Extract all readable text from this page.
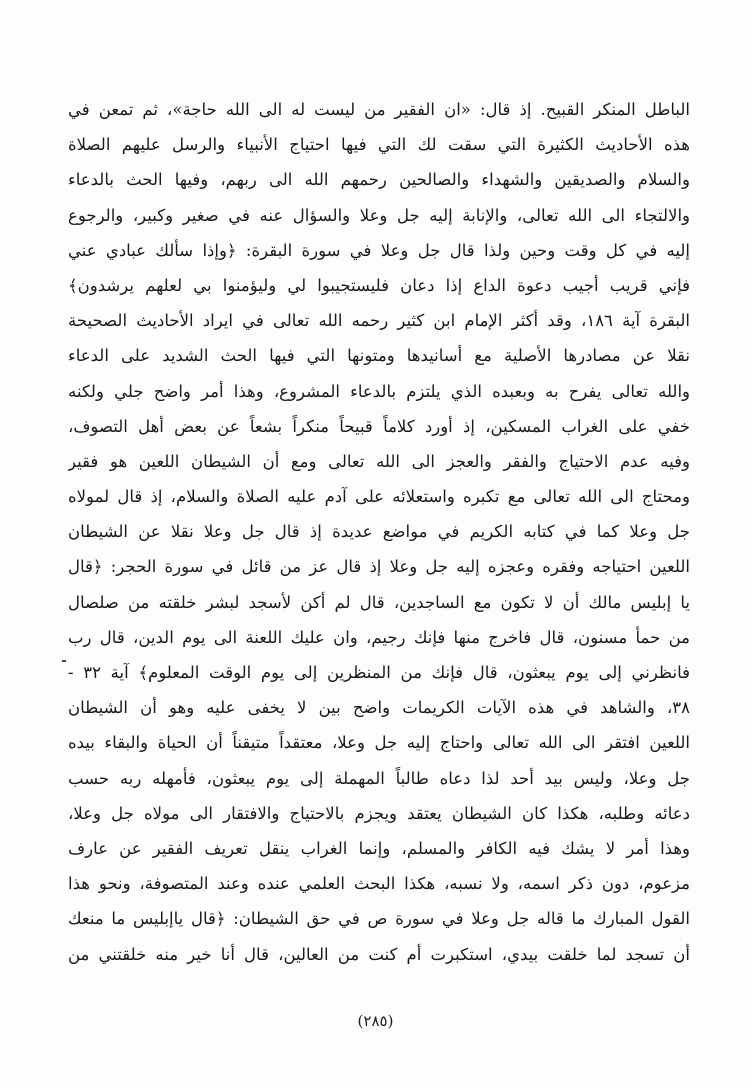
الباطل المنكر القبيح. إذ قال: «ان الفقير من ليست له الى الله حاجة»، ثم تمعن في
هذه الأحاديث الكثيرة التي سقت لك التي فيها احتياج الأنبياء والرسل عليهم الصلاة
والسلام والصديقين والشهداء والصالحين رحمهم الله الى ربهم، وفيها الحث بالدعاء
والالتجاء الى الله تعالى، والإنابة إليه جل وعلا والسؤال عنه في صغير وكبير، والرجوع
إليه في كل وقت وحين ولذا قال جل وعلا في سورة البقرة: ﴿وإذا سألك عبادي عني
فإني قريب أجيب دعوة الداع إذا دعان فليستجيبوا لي وليؤمنوا بي لعلهم يرشدون﴾
البقرة آية ١٨٦، وقد أكثر الإمام ابن كثير رحمه الله تعالى في ايراد الأحاديث الصحيحة
نقلا عن مصادرها الأصلية مع أسانيدها ومتونها التي فيها الحث الشديد على الدعاء
والله تعالى يفرح به وبعبده الذي يلتزم بالدعاء المشروع، وهذا أمر واضح جلي ولكنه
خفي على الغراب المسكين، إذ أورد كلاماً قبيحاً منكراً بشعاً عن بعض أهل التصوف،
وفيه عدم الاحتياج والفقر والعجز الى الله تعالى ومع أن الشيطان اللعين هو فقير
ومحتاج الى الله تعالى مع تكبره واستعلائه على آدم عليه الصلاة والسلام، إذ قال لمولاه
جل وعلا كما في كتابه الكريم في مواضع عديدة إذ قال جل وعلا نقلا عن الشيطان
اللعين احتياجه وفقره وعجزه إليه جل وعلا إذ قال عز من قائل في سورة الحجر: ﴿قال
يا إبليس مالك أن لا تكون مع الساجدين، قال لم أكن لأسجد لبشر خلقته من صلصال
من حمأ مسنون، قال فاخرج منها فإنك رجيم، وان عليك اللعنة الى يوم الدين، قال رب
فانظرني إلى يوم يبعثون، قال فإنك من المنظرين إلى يوم الوقت المعلوم﴾ آية ٣٢ -
٣٨، والشاهد في هذه الآيات الكريمات واضح بين لا يخفى عليه وهو أن الشيطان
اللعين افتقر الى الله تعالى واحتاج إليه جل وعلا، معتقداً متيقناً أن الحياة والبقاء بيده
جل وعلا، وليس بيد أحد لذا دعاه طالباً المهملة إلى يوم يبعثون، فأمهله ربه حسب
دعائه وطلبه، هكذا كان الشيطان يعتقد ويجزم بالاحتياج والافتقار الى مولاه جل وعلا،
وهذا أمر لا يشك فيه الكافر والمسلم، وإنما الغراب ينقل تعريف الفقير عن عارف
مزعوم، دون ذكر اسمه، ولا نسبه، هكذا البحث العلمي عنده وعند المتصوفة، ونحو هذا
القول المبارك ما قاله جل وعلا في سورة ص في حق الشيطان: ﴿قال ياإبليس ما منعك
أن تسجد لما خلقت بيدي، استكبرت أم كنت من العالين، قال أنا خير منه خلقتني من
(٢٨٥)
